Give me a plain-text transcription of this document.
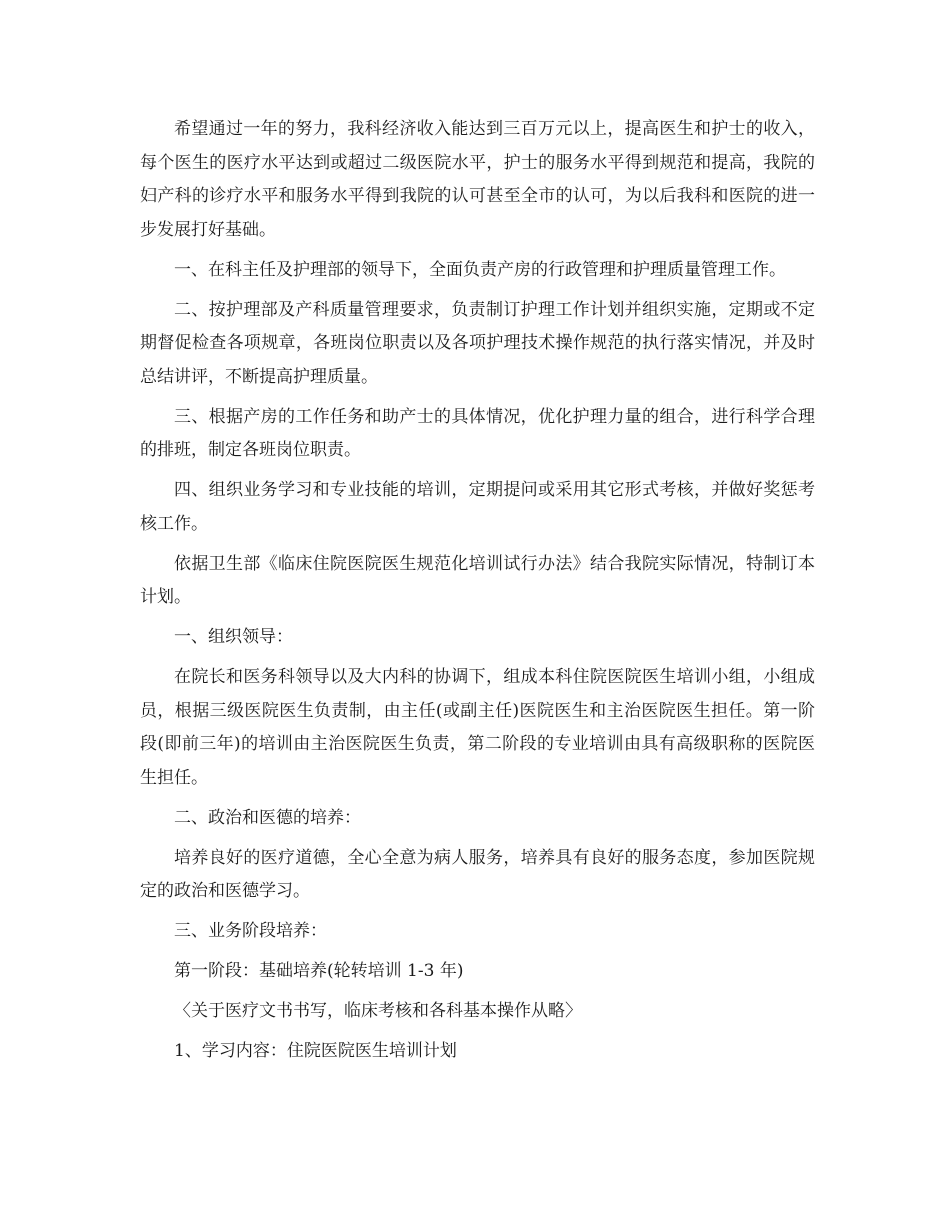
希望通过一年的努力，我科经济收入能达到三百万元以上，提高医生和护士的收入，每个医生的医疗水平达到或超过二级医院水平，护士的服务水平得到规范和提高，我院的妇产科的诊疗水平和服务水平得到我院的认可甚至全市的认可，为以后我科和医院的进一步发展打好基础。

一、在科主任及护理部的领导下，全面负责产房的行政管理和护理质量管理工作。

二、按护理部及产科质量管理要求，负责制订护理工作计划并组织实施，定期或不定期督促检查各项规章，各班岗位职责以及各项护理技术操作规范的执行落实情况，并及时总结讲评，不断提高护理质量。

三、根据产房的工作任务和助产士的具体情况，优化护理力量的组合，进行科学合理的排班，制定各班岗位职责。

四、组织业务学习和专业技能的培训，定期提问或采用其它形式考核，并做好奖惩考核工作。

依据卫生部《临床住院医院医生规范化培训试行办法》结合我院实际情况，特制订本计划。

一、组织领导：

在院长和医务科领导以及大内科的协调下，组成本科住院医院医生培训小组，小组成员，根据三级医院医生负责制，由主任(或副主任)医院医生和主治医院医生担任。第一阶段(即前三年)的培训由主治医院医生负责，第二阶段的专业培训由具有高级职称的医院医生担任。

二、政治和医德的培养：

培养良好的医疗道德，全心全意为病人服务，培养具有良好的服务态度，参加医院规定的政治和医德学习。

三、业务阶段培养：

第一阶段：基础培养(轮转培训 1-3 年)

〈关于医疗文书书写，临床考核和各科基本操作从略〉

1、学习内容：住院医院医生培训计划
